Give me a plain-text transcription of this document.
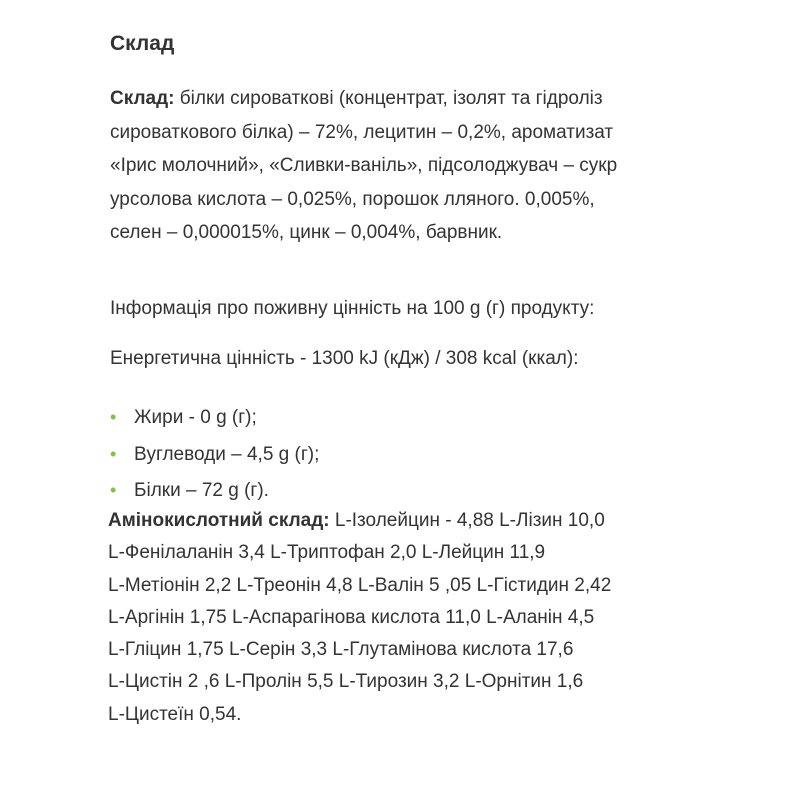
Склад
Склад: білки сироваткові (концентрат, ізолят та гідроліз
сироваткового білка) – 72%, лецитин – 0,2%, ароматизат
«Ірис молочний», «Сливки-ваніль», підсолоджувач – сукр
урсолова кислота – 0,025%, порошок лляного. 0,005%,
селен – 0,000015%, цинк – 0,004%, барвник.
Інформація про поживну цінність на 100 g (г) продукту:
Енергетична цінність - 1300 kJ (кДж) / 308 kcal (ккал):
• Жири - 0 g (г);
• Вуглеводи – 4,5 g (г);
• Білки – 72 g (г).
Амінокислотний склад: L-Ізолейцин - 4,88 L-Лізин 10,0
L-Фенілаланін 3,4 L-Триптофан 2,0 L-Лейцин 11,9
L-Метіонін 2,2 L-Треонін 4,8 L-Валін 5 ,05 L-Гістидин 2,42
L-Аргінін 1,75 L-Аспарагінова кислота 11,0 L-Аланін 4,5
L-Гліцин 1,75 L-Серін 3,3 L-Глутамінова кислота 17,6
L-Цистін 2 ,6 L-Пролін 5,5 L-Тирозин 3,2 L-Орнітин 1,6
L-Цистеїн 0,54.
